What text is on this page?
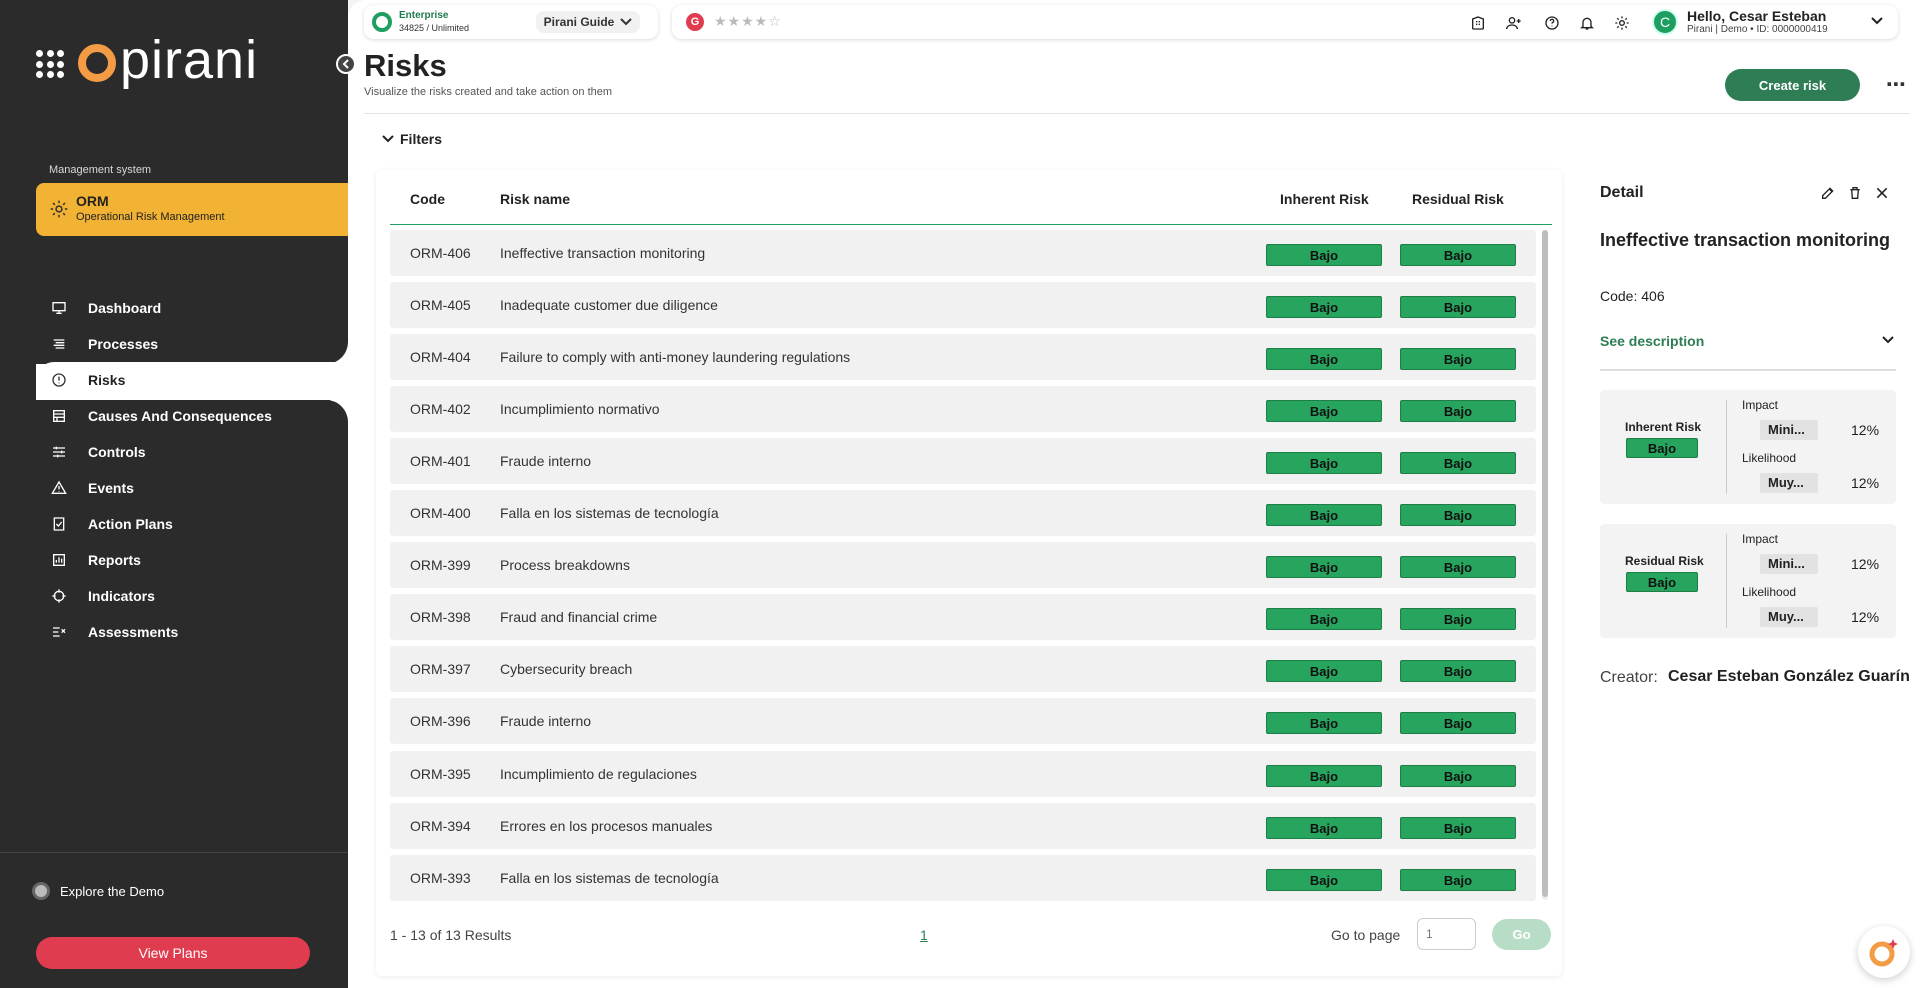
pirani
Management system
ORM
Operational Risk Management
Dashboard
Processes
Risks
Causes And Consequences
Controls
Events
Action Plans
Reports
Indicators
Assessments
Explore the Demo
View Plans
Enterprise
34825 / Unlimited	Pirani Guide	G	★★★★☆	C	Hello, Cesar Esteban
Pirani | Demo • ID: 0000000419
Risks
Visualize the risks created and take action on them	Create risk	⋯
Filters
Code	Risk name	Inherent Risk	Residual Risk
ORM-406 Ineffective transaction monitoring	Bajo	Bajo
ORM-405 Inadequate customer due diligence	Bajo	Bajo
ORM-404 Failure to comply with anti-money laundering regulations	Bajo	Bajo
ORM-402 Incumplimiento normativo	Bajo	Bajo
ORM-401 Fraude interno	Bajo	Bajo
ORM-400 Falla en los sistemas de tecnología	Bajo	Bajo
ORM-399 Process breakdowns	Bajo	Bajo
ORM-398 Fraud and financial crime	Bajo	Bajo
ORM-397 Cybersecurity breach	Bajo	Bajo
ORM-396 Fraude interno	Bajo	Bajo
ORM-395 Incumplimiento de regulaciones	Bajo	Bajo
ORM-394 Errores en los procesos manuales	Bajo	Bajo
ORM-393 Falla en los sistemas de tecnología	Bajo	Bajo
1 - 13 of 13 Results	1	Go to page
1	Go
Detail
Ineffective transaction monitoring
Code: 406
See description
Inherent Risk
Bajo
Impact
Mini...	12%
Likelihood
Muy...	12%
Residual Risk
Bajo
Impact
Mini...	12%
Likelihood
Muy...	12%
Creator: Cesar Esteban González Guarín
